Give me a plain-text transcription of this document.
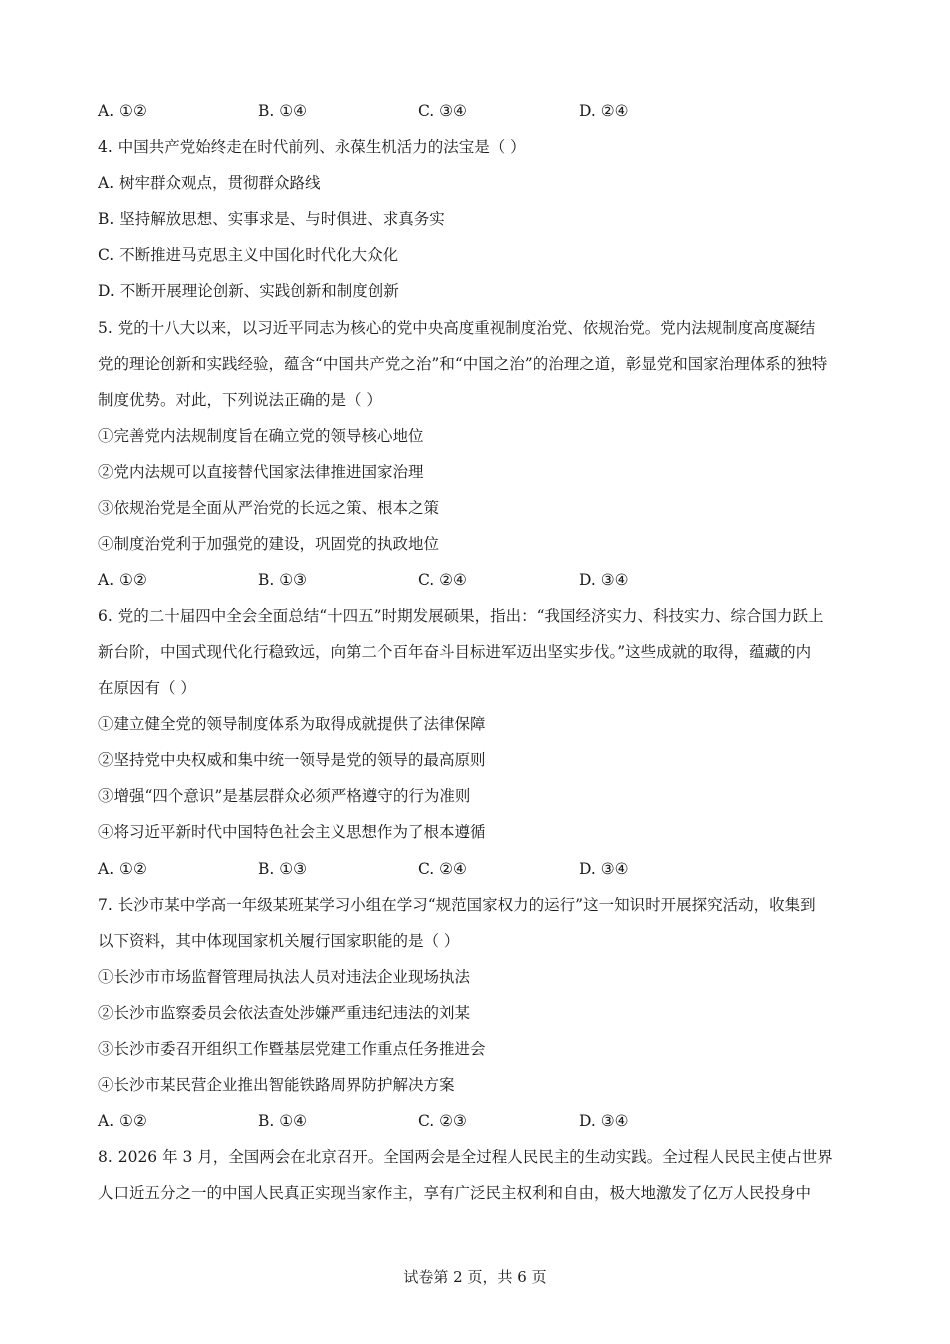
A. ①②	B. ①④	C. ③④	D. ②④
4. 中国共产党始终走在时代前列、永葆生机活力的法宝是（ ）
A. 树牢群众观点，贯彻群众路线
B. 坚持解放思想、实事求是、与时俱进、求真务实
C. 不断推进马克思主义中国化时代化大众化
D. 不断开展理论创新、实践创新和制度创新
5. 党的十八大以来，以习近平同志为核心的党中央高度重视制度治党、依规治党。党内法规制度高度凝结
党的理论创新和实践经验，蕴含“中国共产党之治”和“中国之治”的治理之道，彰显党和国家治理体系的独特
制度优势。对此，下列说法正确的是（ ）
①完善党内法规制度旨在确立党的领导核心地位
②党内法规可以直接替代国家法律推进国家治理
③依规治党是全面从严治党的长远之策、根本之策
④制度治党利于加强党的建设，巩固党的执政地位
A. ①②	B. ①③	C. ②④	D. ③④
6. 党的二十届四中全会全面总结“十四五”时期发展硕果，指出：“我国经济实力、科技实力、综合国力跃上
新台阶，中国式现代化行稳致远，向第二个百年奋斗目标进军迈出坚实步伐。”这些成就的取得，蕴藏的内
在原因有（ ）
①建立健全党的领导制度体系为取得成就提供了法律保障
②坚持党中央权威和集中统一领导是党的领导的最高原则
③增强“四个意识”是基层群众必须严格遵守的行为准则
④将习近平新时代中国特色社会主义思想作为了根本遵循
A. ①②	B. ①③	C. ②④	D. ③④
7. 长沙市某中学高一年级某班某学习小组在学习“规范国家权力的运行”这一知识时开展探究活动，收集到
以下资料，其中体现国家机关履行国家职能的是（ ）
①长沙市市场监督管理局执法人员对违法企业现场执法
②长沙市监察委员会依法查处涉嫌严重违纪违法的刘某
③长沙市委召开组织工作暨基层党建工作重点任务推进会
④长沙市某民营企业推出智能铁路周界防护解决方案
A. ①②	B. ①④	C. ②③	D. ③④
8. 2026 年 3 月，全国两会在北京召开。全国两会是全过程人民民主的生动实践。全过程人民民主使占世界
人口近五分之一的中国人民真正实现当家作主，享有广泛民主权利和自由，极大地激发了亿万人民投身中
试卷第 2 页，共 6 页
